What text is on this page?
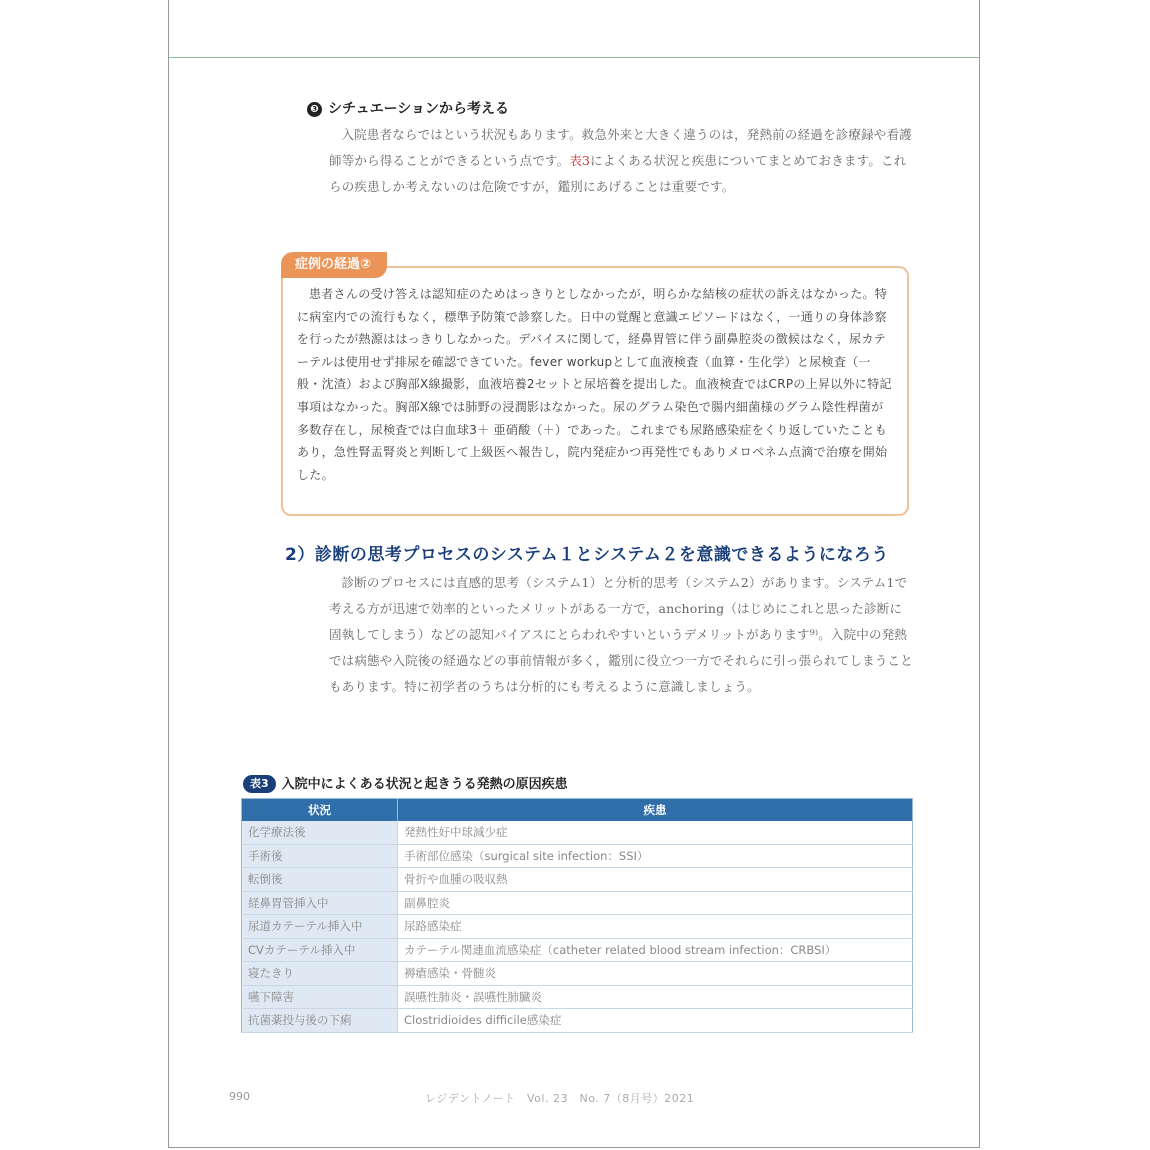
❸ シチュエーションから考える
入院患者ならではという状況もあります。救急外来と大きく違うのは，発熱前の経過を診療録や看護師等から得ることができるという点です。表3によくある状況と疾患についてまとめておきます。これらの疾患しか考えないのは危険ですが，鑑別にあげることは重要です。
症例の経過②
患者さんの受け答えは認知症のためはっきりとしなかったが，明らかな結核の症状の訴えはなかった。特に病室内での流行もなく，標準予防策で診察した。日中の覚醒と意識エピソードはなく，一通りの身体診察を行ったが熱源ははっきりしなかった。デバイスに関して，経鼻胃管に伴う副鼻腔炎の徴候はなく，尿カテーテルは使用せず排尿を確認できていた。fever workupとして血液検査（血算・生化学）と尿検査（一般・沈渣）および胸部X線撮影，血液培養2セットと尿培養を提出した。血液検査ではCRPの上昇以外に特記事項はなかった。胸部X線では肺野の浸潤影はなかった。尿のグラム染色で腸内細菌様のグラム陰性桿菌が多数存在し，尿検査では白血球3＋ 亜硝酸（＋）であった。これまでも尿路感染症をくり返していたこともあり，急性腎盂腎炎と判断して上級医へ報告し，院内発症かつ再発性でもありメロペネム点滴で治療を開始した。
2）診断の思考プロセスのシステム１とシステム２を意識できるようになろう
診断のプロセスには直感的思考（システム1）と分析的思考（システム2）があります。システム1で考える方が迅速で効率的といったメリットがある一方で，anchoring（はじめにこれと思った診断に固執してしまう）などの認知バイアスにとらわれやすいというデメリットがあります⁹⁾。入院中の発熱では病態や入院後の経過などの事前情報が多く，鑑別に役立つ一方でそれらに引っ張られてしまうこともあります。特に初学者のうちは分析的にも考えるように意識しましょう。
表3 入院中によくある状況と起きうる発熱の原因疾患
状況	疾患
化学療法後	発熱性好中球減少症
手術後	手術部位感染（surgical site infection：SSI）
転倒後	骨折や血腫の吸収熱
経鼻胃管挿入中	副鼻腔炎
尿道カテーテル挿入中	尿路感染症
CVカテーテル挿入中	カテーテル関連血流感染症（catheter related blood stream infection：CRBSI）
寝たきり	褥瘡感染・骨髄炎
嚥下障害	誤嚥性肺炎・誤嚥性肺臓炎
抗菌薬投与後の下痢	Clostridioides difficile感染症
990	レジデントノート　Vol. 23　No. 7（8月号）2021
